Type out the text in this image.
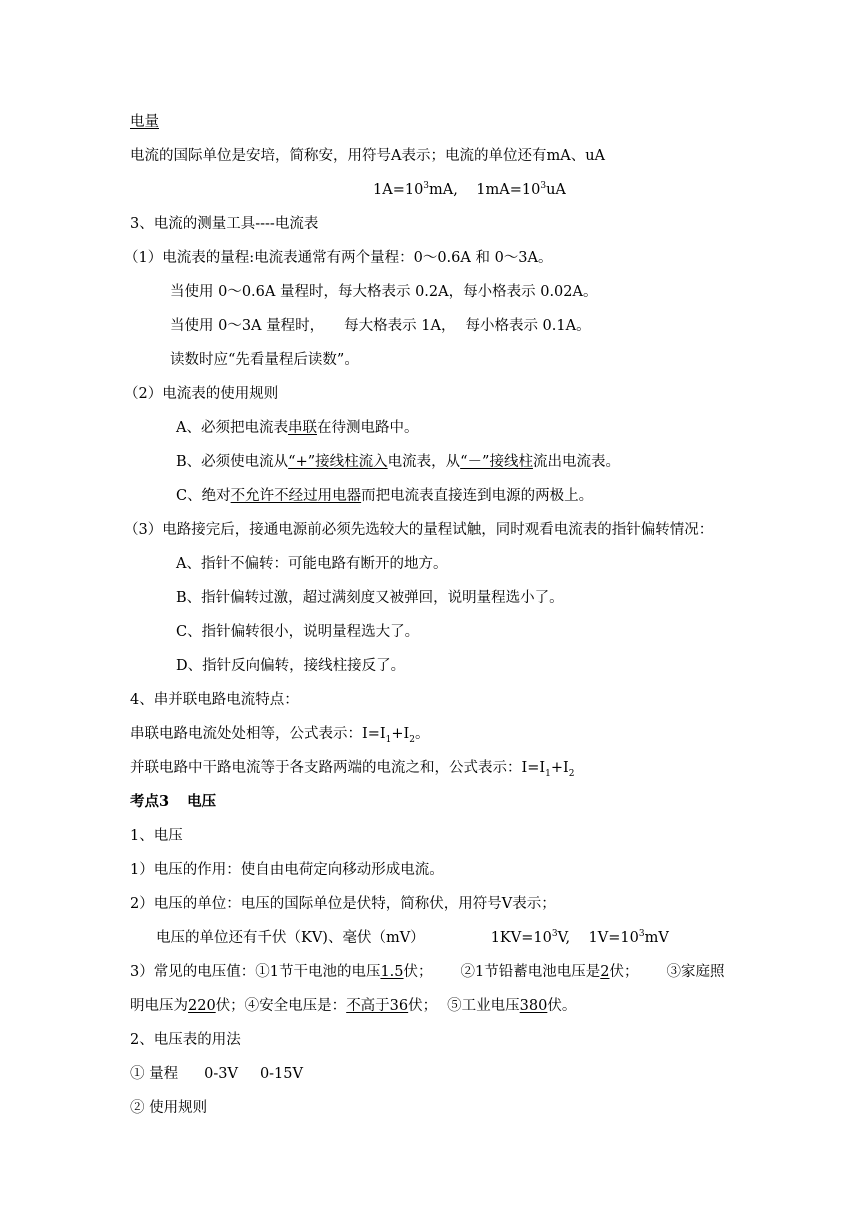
电量
电流的国际单位是安培，简称安，用符号A表示；电流的单位还有mA、uA
$1A=10^3mA$,    $1mA=10^3uA$
3、电流的测量工具----电流表
（1）电流表的量程:电流表通常有两个量程：0～0.6A 和 0～3A。
当使用 0～0.6A 量程时，每大格表示 0.2A，每小格表示 0.02A。
当使用 0～3A 量程时， 每大格表示 1A， 每小格表示 0.1A。
读数时应“先看量程后读数”。
（2）电流表的使用规则
A、必须把电流表串联在待测电路中。
B、必须使电流从“+”接线柱流入电流表，从“－”接线柱流出电流表。
C、绝对不允许不经过用电器而把电流表直接连到电源的两极上。
（3）电路接完后，接通电源前必须先选较大的量程试触，同时观看电流表的指针偏转情况：
A、指针不偏转：可能电路有断开的地方。
B、指针偏转过激，超过满刻度又被弹回，说明量程选小了。
C、指针偏转很小，说明量程选大了。
D、指针反向偏转，接线柱接反了。
4、串并联电路电流特点：
串联电路电流处处相等，公式表示：$I=I_1+I_2$。
并联电路中干路电流等于各支路两端的电流之和，公式表示：$I=I_1+I_2$
考点3 电压
1、电压
1）电压的作用：使自由电荷定向移动形成电流。
2）电压的单位：电压的国际单位是伏特，简称伏，用符号V表示；
电压的单位还有千伏（KV)、毫伏（mV）	$1KV=10^3V$,    $1V=10^3mV$
3）常见的电压值：①1节干电池的电压1.5伏； ②1节铅蓄电池电压是2伏； ③家庭照
明电压为220伏；④安全电压是：不高于36伏； ⑤工业电压380伏。
2、电压表的用法
① 量程 0-3V 0-15V
② 使用规则
